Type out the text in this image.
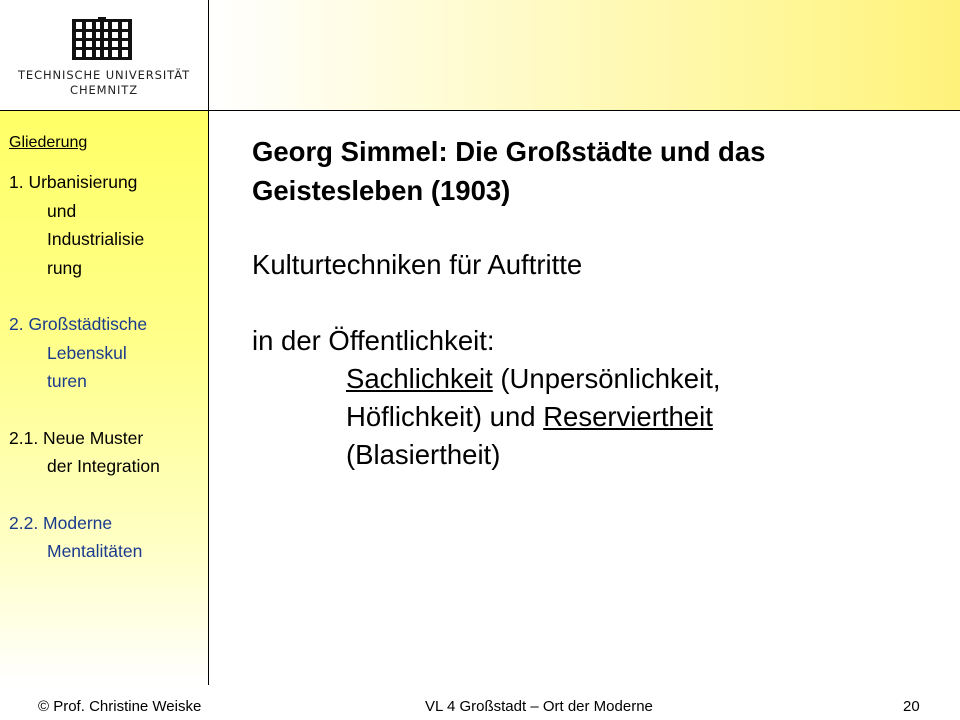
TECHNISCHE UNIVERSITÄT
CHEMNITZ
Gliederung
1. Urbanisierung
und
Industrialisie
rung
2. Großstädtische
Lebenskul
turen
2.1. Neue Muster
der Integration
2.2. Moderne
Mentalitäten
Georg Simmel: Die Großstädte und das
Geistesleben (1903)
Kulturtechniken für Auftritte
in der Öffentlichkeit:
Sachlichkeit (Unpersönlichkeit,
Höflichkeit) und Reserviertheit
(Blasiertheit)
© Prof. Christine Weiske	VL 4 Großstadt – Ort der Moderne	20
